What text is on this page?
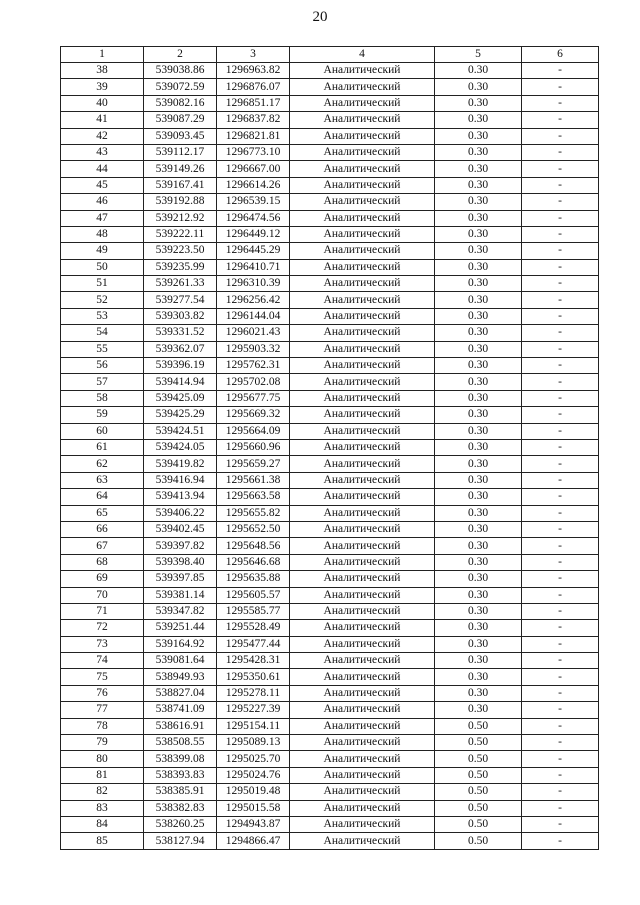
20
1	2	3	4	5	6
38	539038.86	1296963.82	Аналитический	0.30	-
39	539072.59	1296876.07	Аналитический	0.30	-
40	539082.16	1296851.17	Аналитический	0.30	-
41	539087.29	1296837.82	Аналитический	0.30	-
42	539093.45	1296821.81	Аналитический	0.30	-
43	539112.17	1296773.10	Аналитический	0.30	-
44	539149.26	1296667.00	Аналитический	0.30	-
45	539167.41	1296614.26	Аналитический	0.30	-
46	539192.88	1296539.15	Аналитический	0.30	-
47	539212.92	1296474.56	Аналитический	0.30	-
48	539222.11	1296449.12	Аналитический	0.30	-
49	539223.50	1296445.29	Аналитический	0.30	-
50	539235.99	1296410.71	Аналитический	0.30	-
51	539261.33	1296310.39	Аналитический	0.30	-
52	539277.54	1296256.42	Аналитический	0.30	-
53	539303.82	1296144.04	Аналитический	0.30	-
54	539331.52	1296021.43	Аналитический	0.30	-
55	539362.07	1295903.32	Аналитический	0.30	-
56	539396.19	1295762.31	Аналитический	0.30	-
57	539414.94	1295702.08	Аналитический	0.30	-
58	539425.09	1295677.75	Аналитический	0.30	-
59	539425.29	1295669.32	Аналитический	0.30	-
60	539424.51	1295664.09	Аналитический	0.30	-
61	539424.05	1295660.96	Аналитический	0.30	-
62	539419.82	1295659.27	Аналитический	0.30	-
63	539416.94	1295661.38	Аналитический	0.30	-
64	539413.94	1295663.58	Аналитический	0.30	-
65	539406.22	1295655.82	Аналитический	0.30	-
66	539402.45	1295652.50	Аналитический	0.30	-
67	539397.82	1295648.56	Аналитический	0.30	-
68	539398.40	1295646.68	Аналитический	0.30	-
69	539397.85	1295635.88	Аналитический	0.30	-
70	539381.14	1295605.57	Аналитический	0.30	-
71	539347.82	1295585.77	Аналитический	0.30	-
72	539251.44	1295528.49	Аналитический	0.30	-
73	539164.92	1295477.44	Аналитический	0.30	-
74	539081.64	1295428.31	Аналитический	0.30	-
75	538949.93	1295350.61	Аналитический	0.30	-
76	538827.04	1295278.11	Аналитический	0.30	-
77	538741.09	1295227.39	Аналитический	0.30	-
78	538616.91	1295154.11	Аналитический	0.50	-
79	538508.55	1295089.13	Аналитический	0.50	-
80	538399.08	1295025.70	Аналитический	0.50	-
81	538393.83	1295024.76	Аналитический	0.50	-
82	538385.91	1295019.48	Аналитический	0.50	-
83	538382.83	1295015.58	Аналитический	0.50	-
84	538260.25	1294943.87	Аналитический	0.50	-
85	538127.94	1294866.47	Аналитический	0.50	-
